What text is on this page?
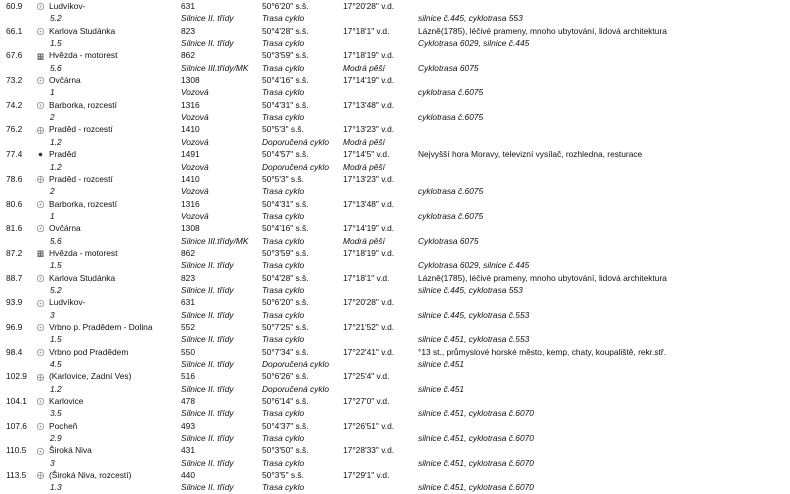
60.9	Ludvíkov-	631	50°6'20" s.š.	17°20'28" v.d.
5.2	Silnice II. třídy	Trasa cyklo	silnice č.445, cyklotrasa 553
66.1	Karlova Studánka	823	50°4'28" s.š.	17°18'1" v.d.	Lázně(1785), léčivé prameny, mnoho ubytování, lidová architektura
1.5	Silnice II. třídy	Trasa cyklo	Cyklotrasa 6029, silnice č.445
67.6	Hvězda - motorest	862	50°3'59" s.š.	17°18'19" v.d.
5.6	Silnice III.třídy/MK	Trasa cyklo	Modrá pěší	Cyklotrasa 6075
73.2	Ovčárna	1308	50°4'16" s.š.	17°14'19" v.d.
1	Vozová	Trasa cyklo	cyklotrasa č.6075
74.2	Barborka, rozcestí	1316	50°4'31" s.š.	17°13'48" v.d.
2	Vozová	Trasa cyklo	cyklotrasa č.6075
76.2	Praděd - rozcestí	1410	50°5'3" s.š.	17°13'23" v.d.
1.2	Vozová	Doporučená cyklo	Modrá pěší
77.4	Praděd	1491	50°4'57" s.š.	17°14'5" v.d.	Nejvyšší hora Moravy, televizní vysílač, rozhledna, resturace
1.2	Vozová	Doporučená cyklo	Modrá pěší
78.6	Praděd - rozcestí	1410	50°5'3" s.š.	17°13'23" v.d.
2	Vozová	Trasa cyklo	cyklotrasa č.6075
80.6	Barborka, rozcestí	1316	50°4'31" s.š.	17°13'48" v.d.
1	Vozová	Trasa cyklo	cyklotrasa č.6075
81.6	Ovčárna	1308	50°4'16" s.š.	17°14'19" v.d.
5.6	Silnice III.třídy/MK	Trasa cyklo	Modrá pěší	Cyklotrasa 6075
87.2	Hvězda - motorest	862	50°3'59" s.š.	17°18'19" v.d.
1.5	Silnice II. třídy	Trasa cyklo	Cyklotrasa 6029, silnice č.445
88.7	Karlova Studánka	823	50°4'28" s.š.	17°18'1" v.d.	Lázně(1785), léčivé prameny, mnoho ubytování, lidová architektura
5.2	Silnice II. třídy	Trasa cyklo	silnice č.445, cyklotrasa 553
93.9	Ludvíkov-	631	50°6'20" s.š.	17°20'28" v.d.
3	Silnice II. třídy	Trasa cyklo	silnice č.445, cyklotrasa č.553
96.9	Vrbno p. Pradědem - Dolina	552	50°7'25" s.š.	17°21'52" v.d.
1.5	Silnice II. třídy	Trasa cyklo	silnice č.451, cyklotrasa č.553
98.4	Vrbno pod Pradědem	550	50°7'34" s.š.	17°22'41" v.d.	°13 st., průmyslové horské město, kemp, chaty, koupaliště, rekr.stř.
4.5	Silnice II. třídy	Doporučená cyklo	silnice č.451
102.9	(Karlovice, Zadní Ves)	516	50°6'26" s.š.	17°25'4" v.d.
1.2	Silnice II. třídy	Doporučená cyklo	silnice č.451
104.1	Karlovice	478	50°6'14" s.š.	17°27'0" v.d.
3.5	Silnice II. třídy	Trasa cyklo	silnice č.451, cyklotrasa č.6070
107.6	Pocheň	493	50°4'37" s.š.	17°26'51" v.d.
2.9	Silnice II. třídy	Trasa cyklo	silnice č.451, cyklotrasa č.6070
110.5	Široká Niva	431	50°3'50" s.š.	17°28'33" v.d.
3	Silnice II. třídy	Trasa cyklo	silnice č.451, cyklotrasa č.6070
113.5	(Široká Niva, rozcestí)	440	50°3'5" s.š.	17°29'1" v.d.
1.3	Silnice II. třídy	Trasa cyklo	silnice č.451, cyklotrasa č.6070
